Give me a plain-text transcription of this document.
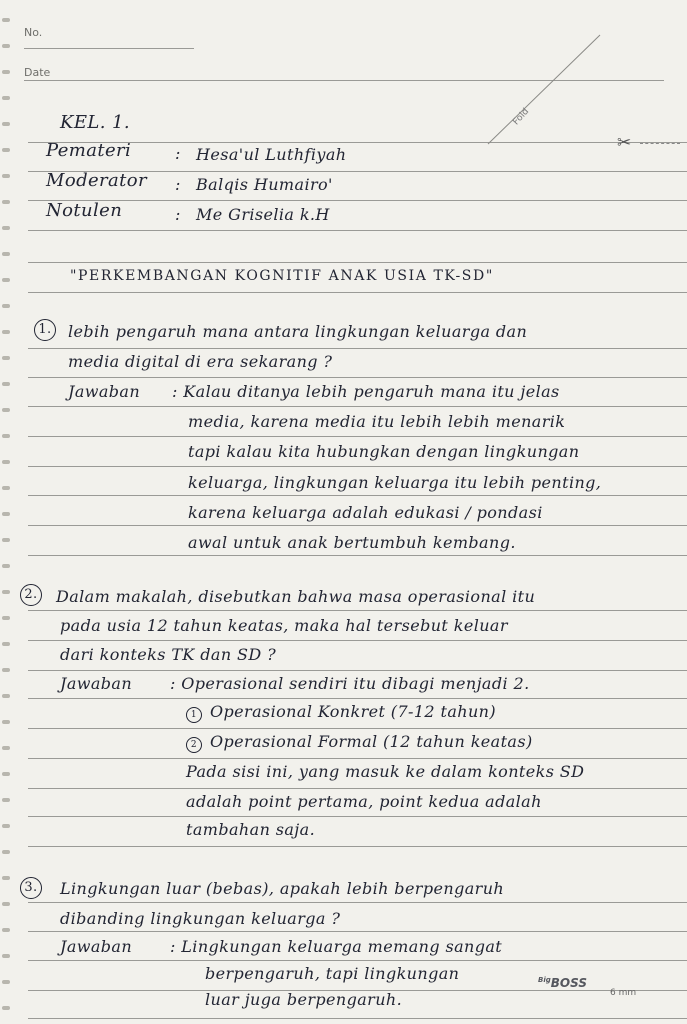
No.
Date
Fold
✂
KEL. 1.
Pemateri	: Hesa'ul Luthfiyah
Moderator : Balqis Humairo'
Notulen	: Me Griselia k.H
"PERKEMBANGAN KOGNITIF ANAK USIA TK-SD"
1.	lebih pengaruh mana antara lingkungan keluarga dan
media digital di era sekarang ?
Jawaban : Kalau ditanya lebih pengaruh mana itu jelas
media, karena media itu lebih lebih menarik
tapi kalau kita hubungkan dengan lingkungan
keluarga, lingkungan keluarga itu lebih penting,
karena keluarga adalah edukasi / pondasi
awal untuk anak bertumbuh kembang.
2.	Dalam makalah, disebutkan bahwa masa operasional itu
pada usia 12 tahun keatas, maka hal tersebut keluar
dari konteks TK dan SD ?
Jawaban : Operasional sendiri itu dibagi menjadi 2.
1 Operasional Konkret (7-12 tahun)
2 Operasional Formal (12 tahun keatas)
Pada sisi ini, yang masuk ke dalam konteks SD
adalah point pertama, point kedua adalah
tambahan saja.
3.	Lingkungan luar (bebas), apakah lebih berpengaruh
dibanding lingkungan keluarga ?
Jawaban : Lingkungan keluarga memang sangat
berpengaruh, tapi lingkungan
luar juga berpengaruh.
$^{Big}$BOSS
6 mm
